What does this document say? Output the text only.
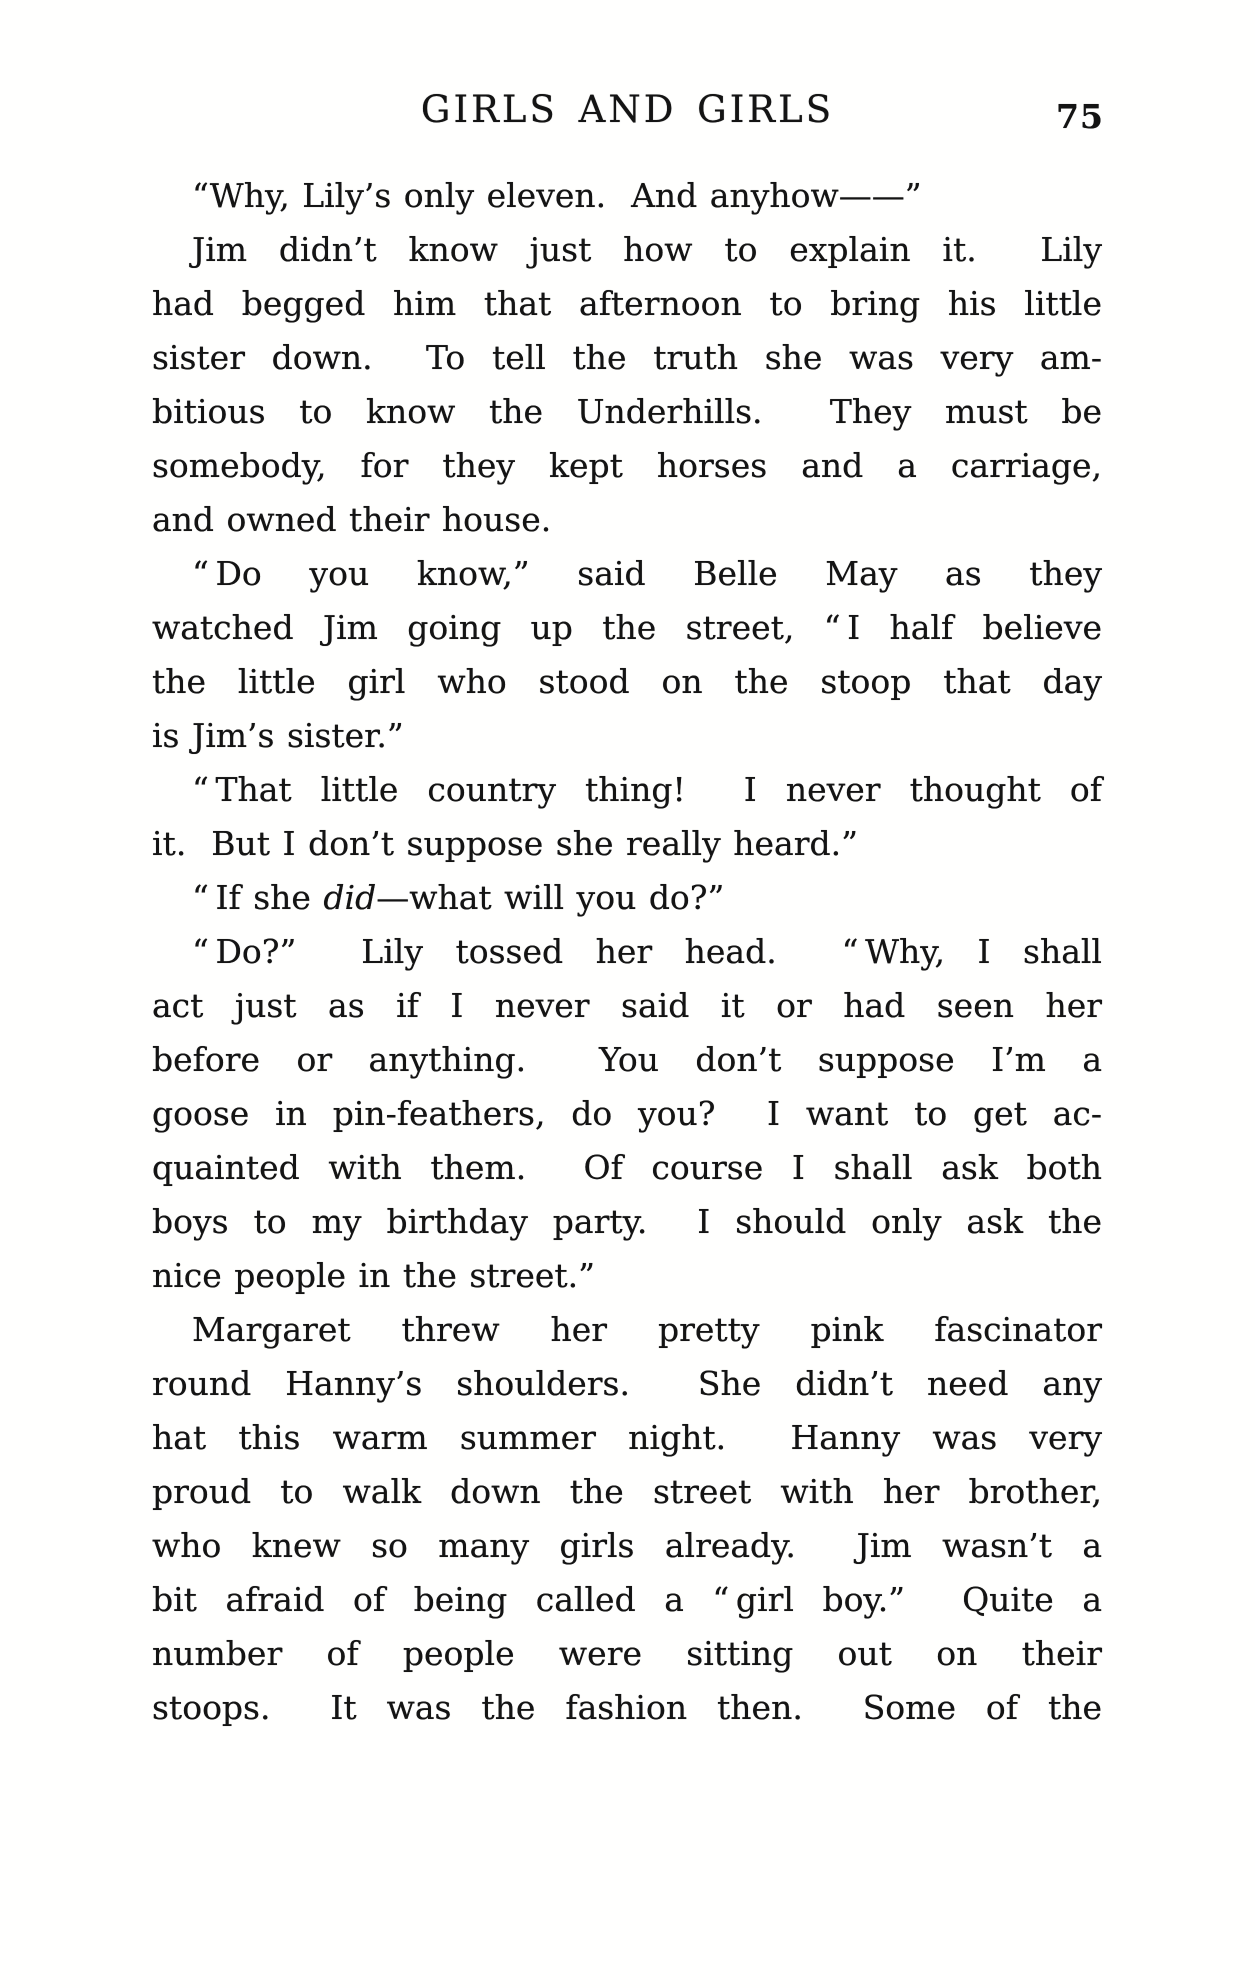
GIRLS AND GIRLS	75
“Why, Lily’s only eleven.  And anyhow——”
Jim didn’t know just how to explain it.  Lily
had begged him that afternoon to bring his little
sister down.  To tell the truth she was very am-
bitious to know the Underhills.  They must be
somebody, for they kept horses and a carriage,
and owned their house.
“ Do you know,” said Belle May as they
watched Jim going up the street, “ I half believe
the little girl who stood on the stoop that day
is Jim’s sister.”
“ That little country thing!  I never thought of
it.  But I don’t suppose she really heard.”
“ If she did—what will you do?”
“ Do?”  Lily tossed her head.  “ Why, I shall
act just as if I never said it or had seen her
before or anything.  You don’t suppose I’m a
goose in pin-feathers, do you?  I want to get ac-
quainted with them.  Of course I shall ask both
boys to my birthday party.  I should only ask the
nice people in the street.”
Margaret threw her pretty pink fascinator
round Hanny’s shoulders.  She didn’t need any
hat this warm summer night.  Hanny was very
proud to walk down the street with her brother,
who knew so many girls already.  Jim wasn’t a
bit afraid of being called a “ girl boy.”  Quite a
number of people were sitting out on their
stoops.  It was the fashion then.  Some of the
